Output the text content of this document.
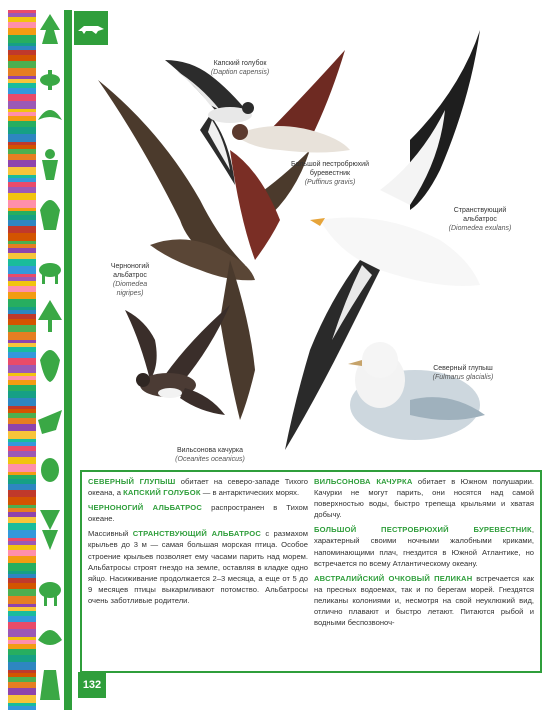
Капский голубок
(Daption capensis)
Большой пестробрюхий буревестник
(Puffinus gravis)
Странствующий альбатрос
(Diomedea exulans)
Черноногий альбатрос
(Diomedea nigripes)
Северный глупыш
(Fulmarus glacialis)
Вильсонова качурка
(Oceanites oceanicus)

СЕВЕРНЫЙ ГЛУПЫШ обитает на северо-западе Тихого океана, а КАПСКИЙ ГОЛУБОК — в антарктических морях.

ЧЕРНОНОГИЙ АЛЬБАТРОС распространен в Тихом океане.

Массивный СТРАНСТВУЮЩИЙ АЛЬБАТРОС с размахом крыльев до 3 м — самая большая морская птица. Особое строение крыльев позволяет ему часами парить над морем. Альбатросы строят гнездо на земле, оставляя в кладке одно яйцо. Насиживание продолжается 2–3 месяца, а еще от 5 до 9 месяцев птицы выкармливают потомство. Альбатросы очень заботливые родители.

ВИЛЬСОНОВА КАЧУРКА обитает в Южном полушарии. Качурки не могут парить, они носятся над самой поверхностью воды, быстро трепеща крыльями и хватая добычу.

БОЛЬШОЙ ПЕСТРОБРЮХИЙ БУРЕВЕСТНИК, характерный своими ночными жалобными криками, напоминающими плач, гнездится в Южной Атлантике, но встречается по всему Атлантическому океану.

АВСТРАЛИЙСКИЙ ОЧКОВЫЙ ПЕЛИКАН встречается как на пресных водоемах, так и по берегам морей. Гнездятся пеликаны колониями и, несмотря на свой неуклюжий вид, отлично плавают и быстро летают. Питаются рыбой и водными беспозвоноч-

132
